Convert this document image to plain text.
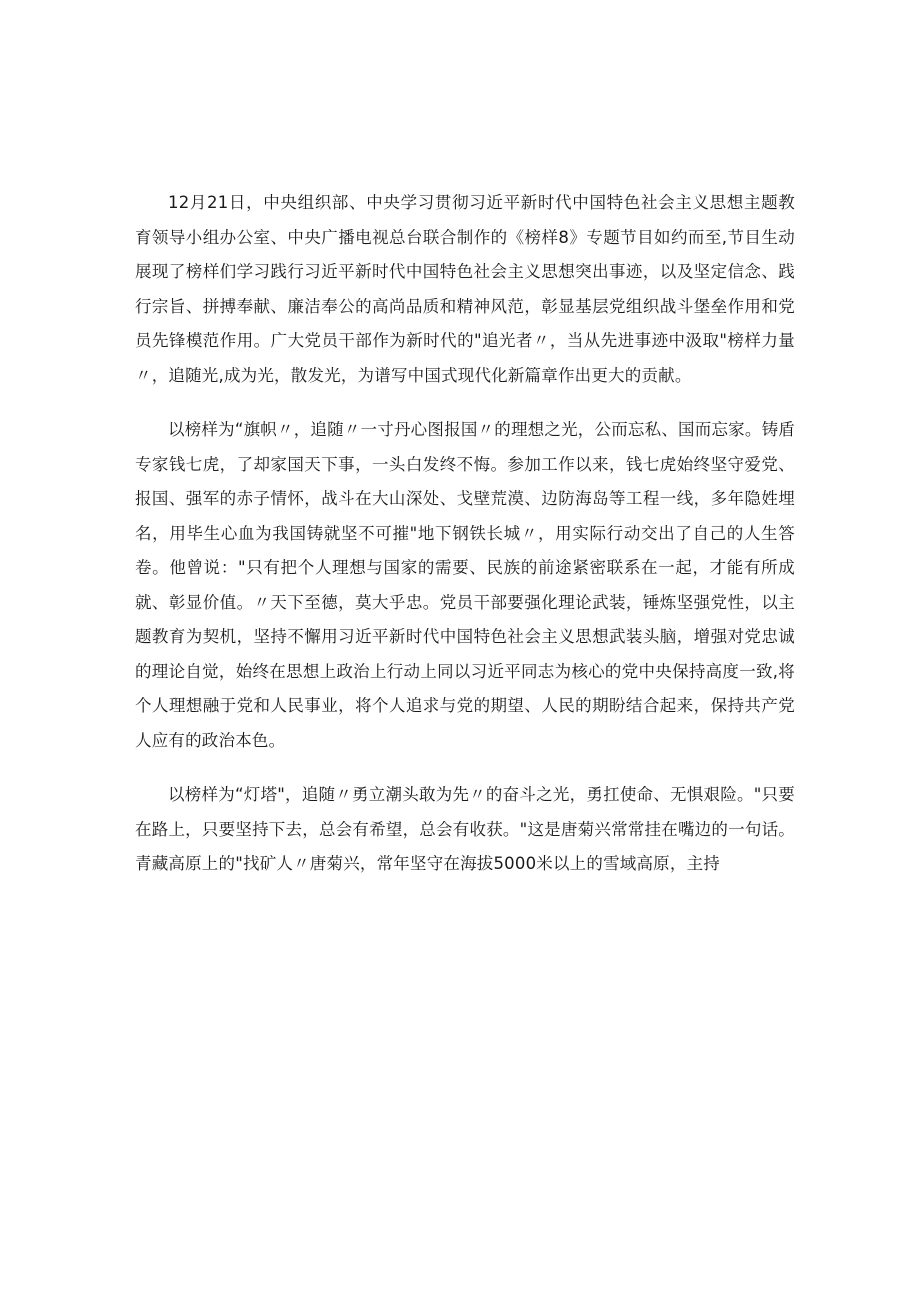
12月21日，中央组织部、中央学习贯彻习近平新时代中国特色社会主义思想主题教育领导小组办公室、中央广播电视总台联合制作的《榜样8》专题节目如约而至,节目生动展现了榜样们学习践行习近平新时代中国特色社会主义思想突出事迹，以及坚定信念、践行宗旨、拼搏奉献、廉洁奉公的高尚品质和精神风范，彰显基层党组织战斗堡垒作用和党员先锋模范作用。广大党员干部作为新时代的"追光者〃，当从先进事迹中汲取"榜样力量〃，追随光,成为光，散发光，为谱写中国式现代化新篇章作出更大的贡献。

以榜样为“旗帜〃，追随〃一寸丹心图报国〃的理想之光，公而忘私、国而忘家。铸盾专家钱七虎，了却家国天下事，一头白发终不悔。参加工作以来，钱七虎始终坚守爱党、报国、强军的赤子情怀，战斗在大山深处、戈壁荒漠、边防海岛等工程一线，多年隐姓埋名，用毕生心血为我国铸就坚不可摧"地下钢铁长城〃，用实际行动交出了自己的人生答卷。他曾说："只有把个人理想与国家的需要、民族的前途紧密联系在一起，才能有所成就、彰显价值。〃天下至德，莫大乎忠。党员干部要强化理论武装，锤炼坚强党性，以主题教育为契机，坚持不懈用习近平新时代中国特色社会主义思想武装头脑，增强对党忠诚的理论自觉，始终在思想上政治上行动上同以习近平同志为核心的党中央保持高度一致,将个人理想融于党和人民事业，将个人追求与党的期望、人民的期盼结合起来，保持共产党人应有的政治本色。

以榜样为“灯塔"，追随〃勇立潮头敢为先〃的奋斗之光，勇扛使命、无惧艰险。"只要在路上，只要坚持下去，总会有希望，总会有收获。"这是唐菊兴常常挂在嘴边的一句话。青藏高原上的"找矿人〃唐菊兴，常年坚守在海拔5000米以上的雪域高原，主持
